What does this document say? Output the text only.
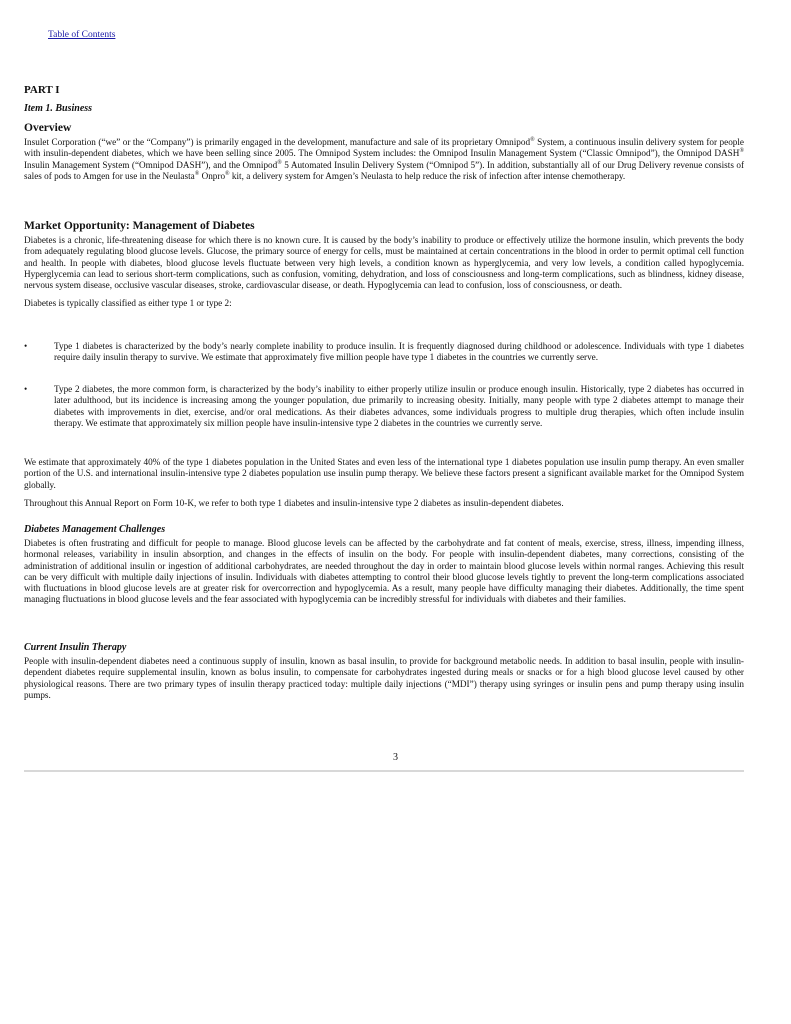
Table of Contents
PART I
Item 1. Business
Overview

Insulet Corporation (“we” or the “Company”) is primarily engaged in the development, manufacture and sale of its proprietary Omnipod® System, a continuous insulin delivery system for people with insulin-dependent diabetes, which we have been selling since 2005. The Omnipod System includes: the Omnipod Insulin Management System (“Classic Omnipod”), the Omnipod DASH® Insulin Management System (“Omnipod DASH”), and the Omnipod® 5 Automated Insulin Delivery System (“Omnipod 5”). In addition, substantially all of our Drug Delivery revenue consists of sales of pods to Amgen for use in the Neulasta® Onpro® kit, a delivery system for Amgen’s Neulasta to help reduce the risk of infection after intense chemotherapy.

Market Opportunity: Management of Diabetes

Diabetes is a chronic, life-threatening disease for which there is no known cure. It is caused by the body’s inability to produce or effectively utilize the hormone insulin, which prevents the body from adequately regulating blood glucose levels. Glucose, the primary source of energy for cells, must be maintained at certain concentrations in the blood in order to permit optimal cell function and health. In people with diabetes, blood glucose levels fluctuate between very high levels, a condition known as hyperglycemia, and very low levels, a condition called hypoglycemia. Hyperglycemia can lead to serious short-term complications, such as confusion, vomiting, dehydration, and loss of consciousness and long-term complications, such as blindness, kidney disease, nervous system disease, occlusive vascular diseases, stroke, cardiovascular disease, or death. Hypoglycemia can lead to confusion, loss of consciousness, or death.

Diabetes is typically classified as either type 1 or type 2:

•	Type 1 diabetes is characterized by the body’s nearly complete inability to produce insulin. It is frequently diagnosed during childhood or adolescence. Individuals with type 1 diabetes require daily insulin therapy to survive. We estimate that approximately five million people have type 1 diabetes in the countries we currently serve.

•	Type 2 diabetes, the more common form, is characterized by the body’s inability to either properly utilize insulin or produce enough insulin. Historically, type 2 diabetes has occurred in later adulthood, but its incidence is increasing among the younger population, due primarily to increasing obesity. Initially, many people with type 2 diabetes attempt to manage their diabetes with improvements in diet, exercise, and/or oral medications. As their diabetes advances, some individuals progress to multiple drug therapies, which often include insulin therapy. We estimate that approximately six million people have insulin-intensive type 2 diabetes in the countries we currently serve.

We estimate that approximately 40% of the type 1 diabetes population in the United States and even less of the international type 1 diabetes population use insulin pump therapy. An even smaller portion of the U.S. and international insulin-intensive type 2 diabetes population use insulin pump therapy. We believe these factors present a significant available market for the Omnipod System globally.

Throughout this Annual Report on Form 10-K, we refer to both type 1 diabetes and insulin-intensive type 2 diabetes as insulin-dependent diabetes.

Diabetes Management Challenges

Diabetes is often frustrating and difficult for people to manage. Blood glucose levels can be affected by the carbohydrate and fat content of meals, exercise, stress, illness, impending illness, hormonal releases, variability in insulin absorption, and changes in the effects of insulin on the body. For people with insulin-dependent diabetes, many corrections, consisting of the administration of additional insulin or ingestion of additional carbohydrates, are needed throughout the day in order to maintain blood glucose levels within normal ranges. Achieving this result can be very difficult with multiple daily injections of insulin. Individuals with diabetes attempting to control their blood glucose levels tightly to prevent the long-term complications associated with fluctuations in blood glucose levels are at greater risk for overcorrection and hypoglycemia. As a result, many people have difficulty managing their diabetes. Additionally, the time spent managing fluctuations in blood glucose levels and the fear associated with hypoglycemia can be incredibly stressful for individuals with diabetes and their families.

Current Insulin Therapy

People with insulin-dependent diabetes need a continuous supply of insulin, known as basal insulin, to provide for background metabolic needs. In addition to basal insulin, people with insulin-dependent diabetes require supplemental insulin, known as bolus insulin, to compensate for carbohydrates ingested during meals or snacks or for a high blood glucose level caused by other physiological reasons. There are two primary types of insulin therapy practiced today: multiple daily injections (“MDI”) therapy using syringes or insulin pens and pump therapy using insulin pumps.

3
